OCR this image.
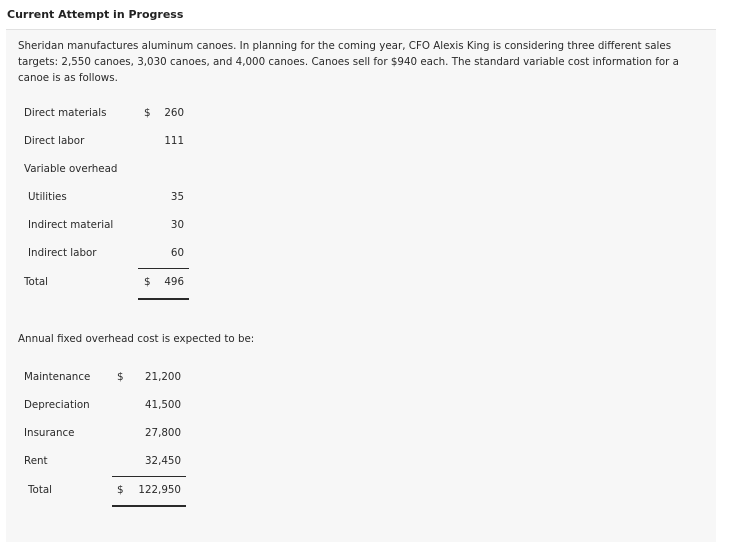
Current Attempt in Progress
Sheridan manufactures aluminum canoes. In planning for the coming year, CFO Alexis King is considering three different sales targets: 2,550 canoes, 3,030 canoes, and 4,000 canoes. Canoes sell for $940 each. The standard variable cost information for a canoe is as follows.
Direct materials	$ 260
Direct labor	111
Variable overhead
Utilities	35
Indirect material	30
Indirect labor	60
Total	$ 496
Annual fixed overhead cost is expected to be:
Maintenance	$ 21,200
Depreciation	41,500
Insurance	27,800
Rent	32,450
Total	$ 122,950
